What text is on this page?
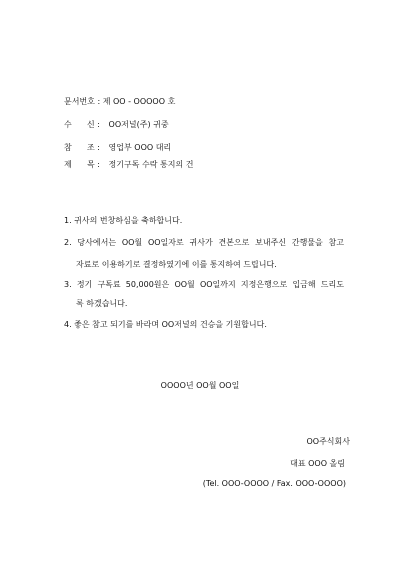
문서번호 : 제 OO - OOOOO 호
수      신 : OO저널(주) 귀중
참      조 : 영업부 OOO 대리
제      목 : 정기구독 수락 통지의 건
1. 귀사의 번창하심을 축하합니다.
2. 당사에서는 OO월 OO일자로 귀사가 견본으로 보내주신 간행물을 참고
자료로 이용하기로 결정하였기에 이를 통지하여 드립니다.
3. 정기 구독료 50,000원은 OO월 OO일까지 지정은행으로 입금해 드리도
록 하겠습니다.
4. 좋은 참고 되기를 바라며 OO저널의 건승을 기원합니다.
OOOO년 OO월 OO일
OO주식회사
대표 OOO 올림
(Tel. OOO-OOOO / Fax. OOO-OOOO)
